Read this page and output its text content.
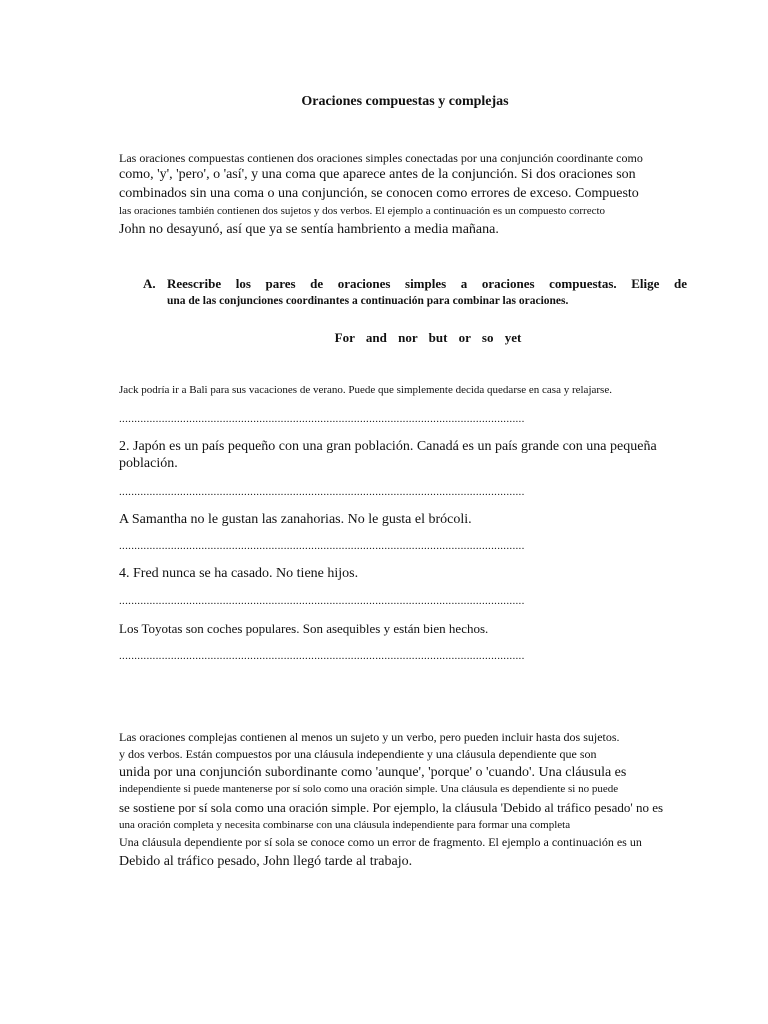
Oraciones compuestas y complejas
Las oraciones compuestas contienen dos oraciones simples conectadas por una conjunción coordinante como
como, 'y', 'pero', o 'así', y una coma que aparece antes de la conjunción. Si dos oraciones son
combinados sin una coma o una conjunción, se conocen como errores de exceso. Compuesto
las oraciones también contienen dos sujetos y dos verbos. El ejemplo a continuación es un compuesto correcto
John no desayunó, así que ya se sentía hambriento a media mañana.
A. Reescribe los pares de oraciones simples a oraciones compuestas. Elige de
una de las conjunciones coordinantes a continuación para combinar las oraciones.
For and nor but or so yet
Jack podría ir a Bali para sus vacaciones de verano. Puede que simplemente decida quedarse en casa y relajarse.
.....
2. Japón es un país pequeño con una gran población. Canadá es un país grande con una pequeña
población.
.....
A Samantha no le gustan las zanahorias. No le gusta el brócoli.
.....
4. Fred nunca se ha casado. No tiene hijos.
.....
Los Toyotas son coches populares. Son asequibles y están bien hechos.
.....
Las oraciones complejas contienen al menos un sujeto y un verbo, pero pueden incluir hasta dos sujetos.
y dos verbos. Están compuestos por una cláusula independiente y una cláusula dependiente que son
unida por una conjunción subordinante como 'aunque', 'porque' o 'cuando'. Una cláusula es
independiente si puede mantenerse por sí solo como una oración simple. Una cláusula es dependiente si no puede
se sostiene por sí sola como una oración simple. Por ejemplo, la cláusula 'Debido al tráfico pesado' no es
una oración completa y necesita combinarse con una cláusula independiente para formar una completa
Una cláusula dependiente por sí sola se conoce como un error de fragmento. El ejemplo a continuación es un
Debido al tráfico pesado, John llegó tarde al trabajo.
